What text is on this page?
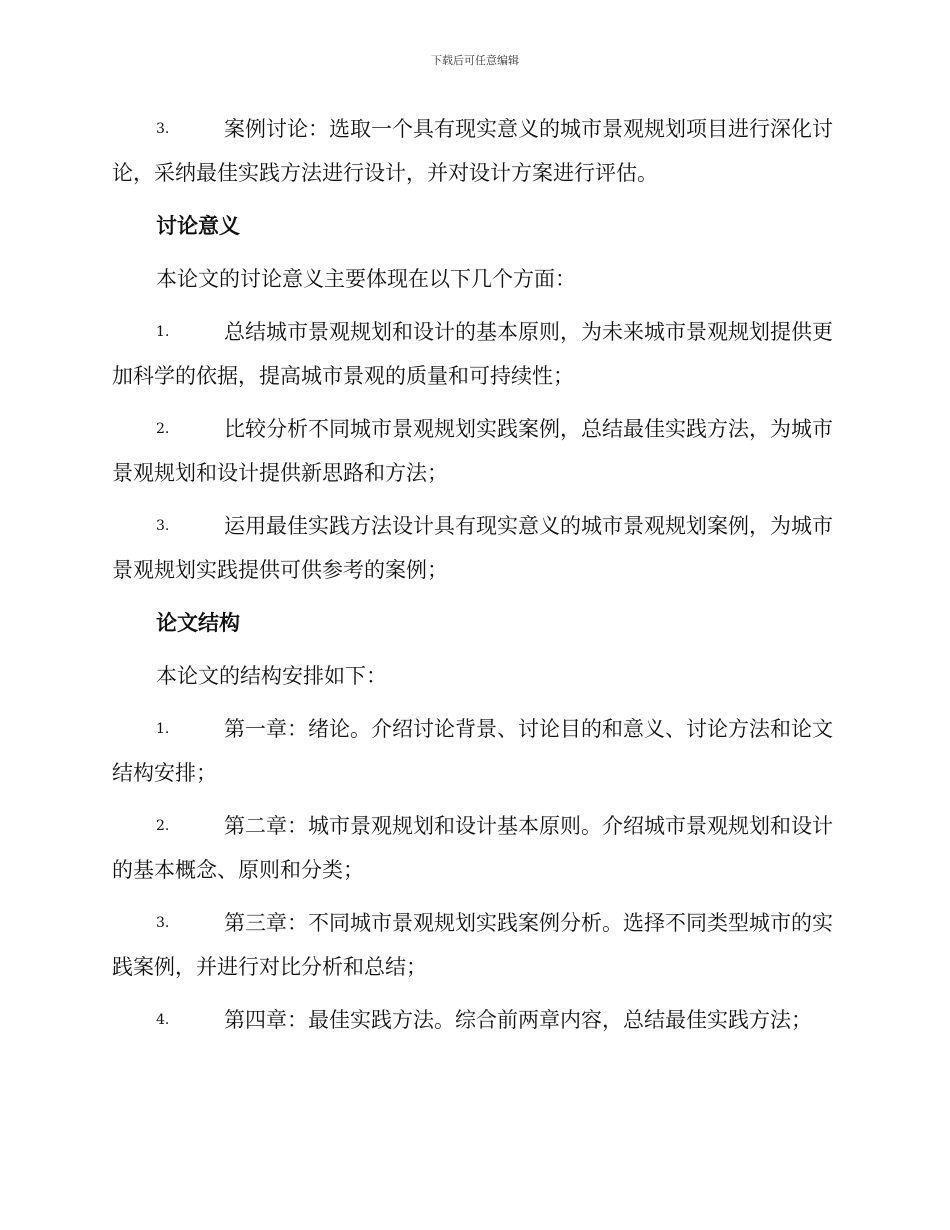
下载后可任意编辑
3.	案例讨论：选取一个具有现实意义的城市景观规划项目进行深化讨论，采纳最佳实践方法进行设计，并对设计方案进行评估。
讨论意义
本论文的讨论意义主要体现在以下几个方面：
1.	总结城市景观规划和设计的基本原则，为未来城市景观规划提供更加科学的依据，提高城市景观的质量和可持续性；
2.	比较分析不同城市景观规划实践案例，总结最佳实践方法，为城市景观规划和设计提供新思路和方法；
3.	运用最佳实践方法设计具有现实意义的城市景观规划案例，为城市景观规划实践提供可供参考的案例；
论文结构
本论文的结构安排如下：
1.	第一章：绪论。介绍讨论背景、讨论目的和意义、讨论方法和论文结构安排；
2.	第二章：城市景观规划和设计基本原则。介绍城市景观规划和设计的基本概念、原则和分类；
3.	第三章：不同城市景观规划实践案例分析。选择不同类型城市的实践案例，并进行对比分析和总结；
4.	第四章：最佳实践方法。综合前两章内容，总结最佳实践方法；
